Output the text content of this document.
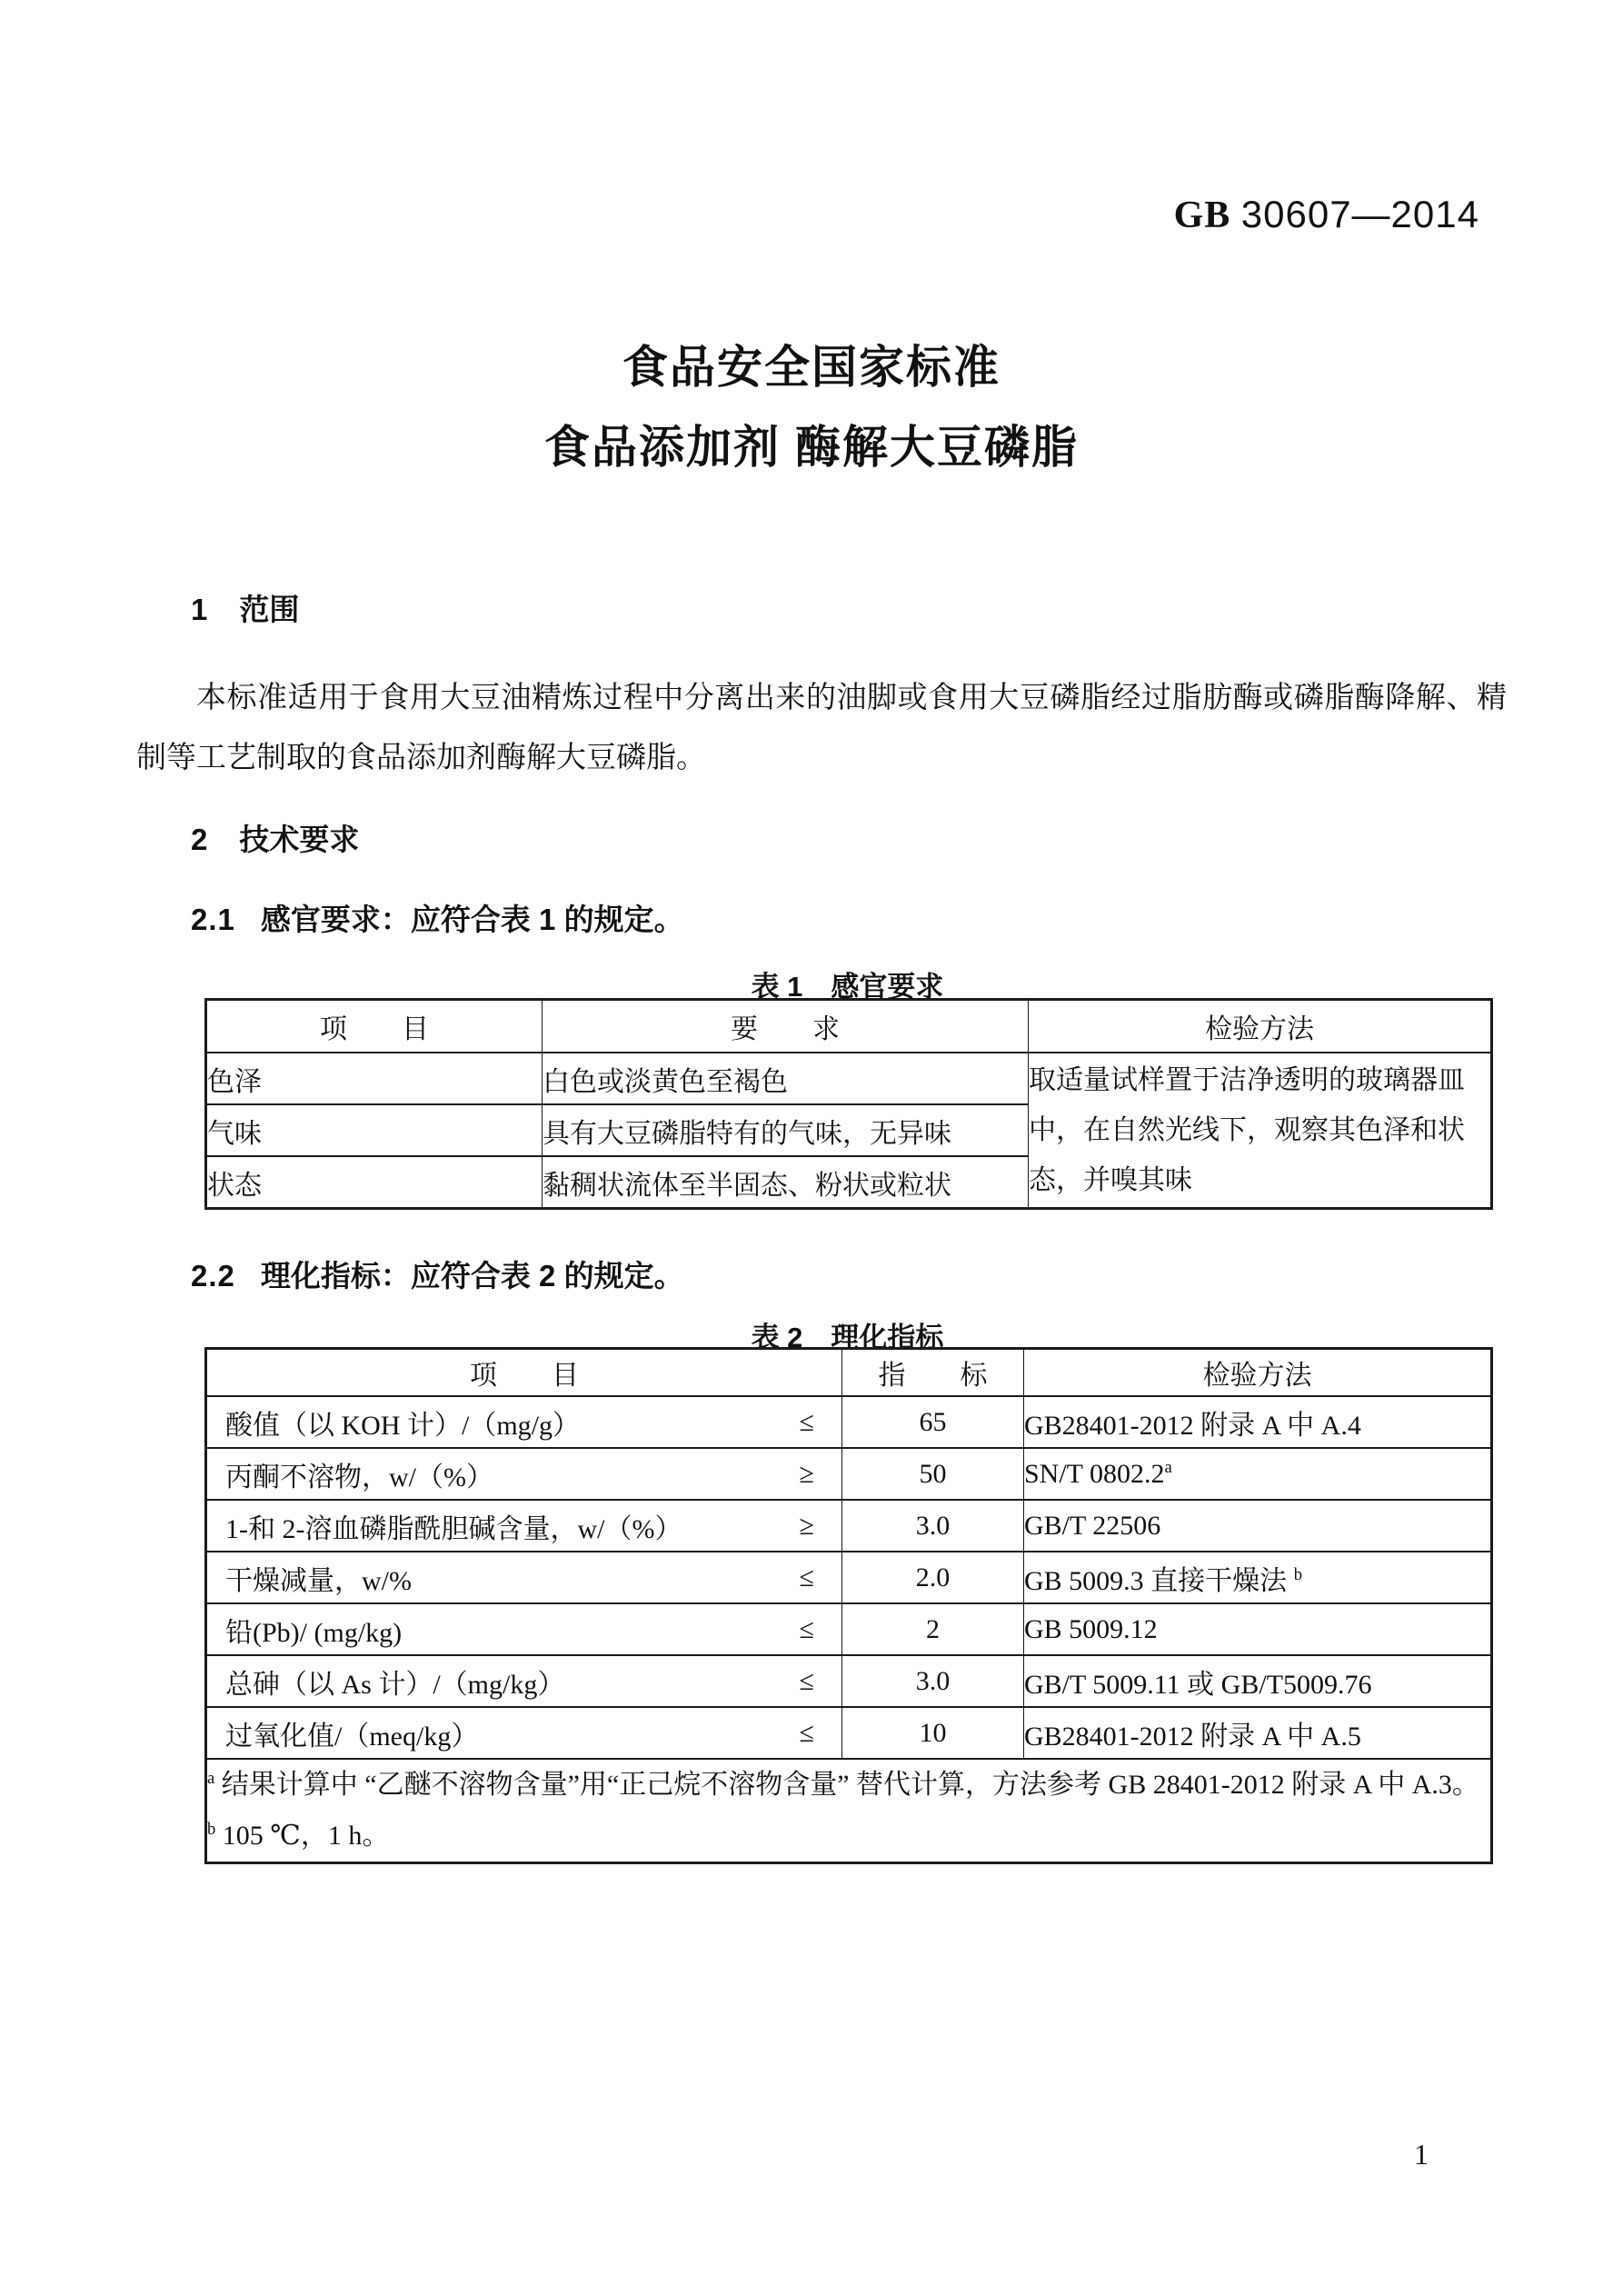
GB 30607—2014
食品安全国家标准
食品添加剂 酶解大豆磷脂
1 范围
本标准适用于食用大豆油精炼过程中分离出来的油脚或食用大豆磷脂经过脂肪酶或磷脂酶降解、精制等工艺制取的食品添加剂酶解大豆磷脂。
2 技术要求
2.1 感官要求：应符合表 1 的规定。
表 1　感官要求
项　　目	要　　求	检验方法
色泽	白色或淡黄色至褐色	取适量试样置于洁净透明的玻璃器皿中，在自然光线下，观察其色泽和状态，并嗅其味
气味	具有大豆磷脂特有的气味，无异味	
状态	黏稠状流体至半固态、粉状或粒状	
2.2 理化指标：应符合表 2 的规定。
表 2　理化指标
项　　目	指　　标	检验方法

酸值（以 KOH 计）/（mg/g） ≤	65	GB28401-2012 附录 A 中 A.4

丙酮不溶物，w/（%） ≥	50	SN/T 0802.2$^a$

1-和 2-溶血磷脂酰胆碱含量，w/（%） ≥	3.0	GB/T 22506

干燥减量，w/% ≤	2.0	GB 5009.3 直接干燥法 $^b$

铅(Pb)/ (mg/kg) ≤	2	GB 5009.12

总砷（以 As 计）/（mg/kg） ≤	3.0	GB/T 5009.11 或 GB/T5009.76

过氧化值/（meq/kg） ≤	10	GB28401-2012 附录 A 中 A.5

$^a$ 结果计算中 “乙醚不溶物含量”用“正己烷不溶物含量” 替代计算，方法参考 GB 28401-2012 附录 A 中 A.3。
$^b$ 105 ℃，1 h。		
1
